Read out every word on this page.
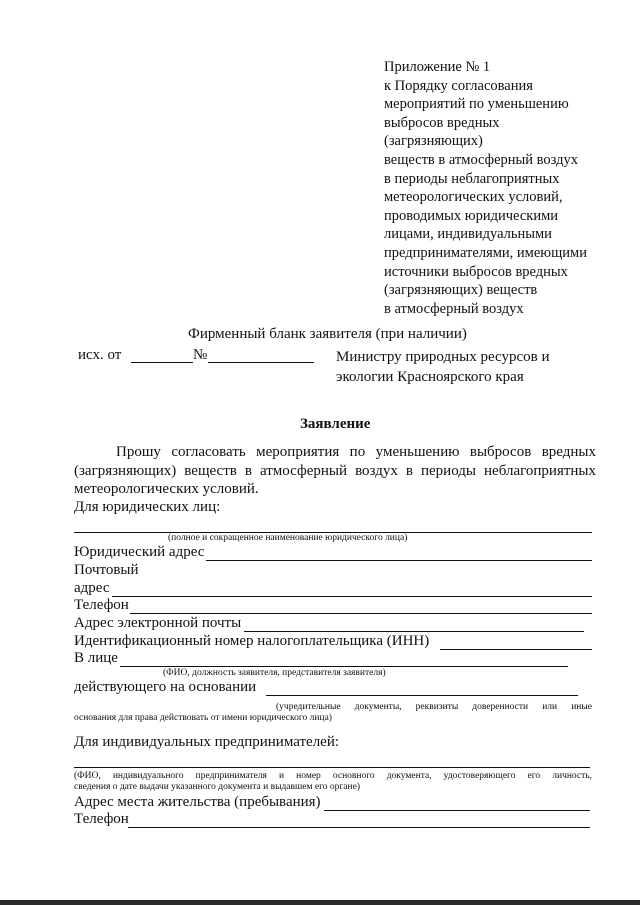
Приложение № 1
к Порядку согласования
мероприятий по уменьшению
выбросов вредных
(загрязняющих)
веществ в атмосферный воздух
в периоды неблагоприятных
метеорологических условий,
проводимых юридическими
лицами, индивидуальными
предпринимателями, имеющими
источники выбросов вредных
(загрязняющих) веществ
в атмосферный воздух
Фирменный бланк заявителя (при наличии)
исх. от	№	Министру природных ресурсов и
экологии Красноярского края
Заявление
Прошу согласовать мероприятия по уменьшению выбросов вредных
(загрязняющих) веществ в атмосферный воздух в периоды неблагоприятных
метеорологических условий.
Для юридических лиц:
(полное и сокращенное наименование юридического лица)
Юридический адрес
Почтовый
адрес
Телефон
Адрес электронной почты
Идентификационный номер налогоплательщика (ИНН)
В лице
(ФИО, должность заявителя, представителя заявителя)
действующего на основании
(учредительные документы, реквизиты доверенности или иные
основания для права действовать от имени юридического лица)
Для индивидуальных предпринимателей:
(ФИО, индивидуального предпринимателя и номер основного документа, удостоверяющего его личность,
сведения о дате выдачи указанного документа и выдавшем его органе)
Адрес места жительства (пребывания)
Телефон
